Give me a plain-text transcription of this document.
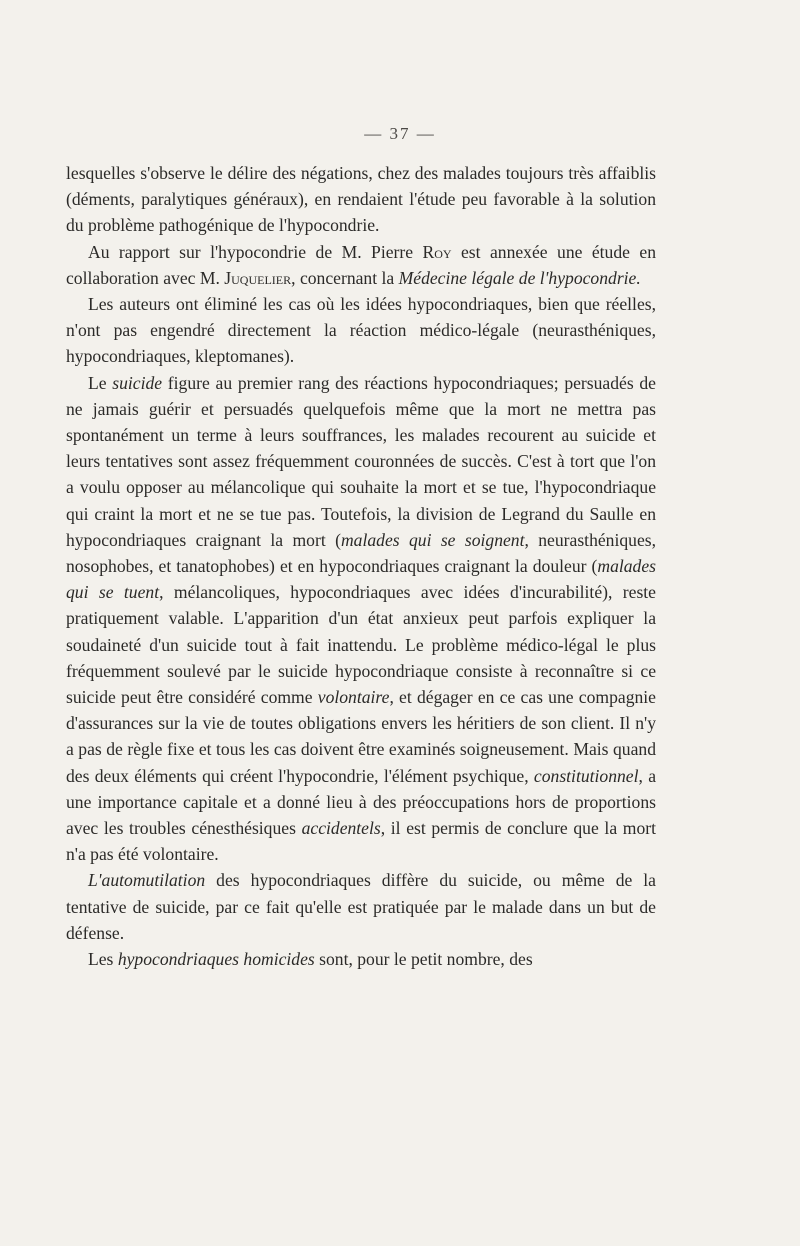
— 37 —

lesquelles s'observe le délire des négations, chez des malades toujours très affaiblis (déments, paralytiques généraux), en rendaient l'étude peu favorable à la solution du problème pathogénique de l'hypocondrie.

Au rapport sur l'hypocondrie de M. Pierre Roy est annexée une étude en collaboration avec M. Juquelier, concernant la Médecine légale de l'hypocondrie.

Les auteurs ont éliminé les cas où les idées hypocondriaques, bien que réelles, n'ont pas engendré directement la réaction médico-légale (neurasthéniques, hypocondriaques, kleptomanes).

Le suicide figure au premier rang des réactions hypocondriaques; persuadés de ne jamais guérir et persuadés quelquefois même que la mort ne mettra pas spontanément un terme à leurs souffrances, les malades recourent au suicide et leurs tentatives sont assez fréquemment couronnées de succès. C'est à tort que l'on a voulu opposer au mélancolique qui souhaite la mort et se tue, l'hypocondriaque qui craint la mort et ne se tue pas. Toutefois, la division de Legrand du Saulle en hypocondriaques craignant la mort (malades qui se soignent, neurasthéniques, nosophobes, et tanatophobes) et en hypocondriaques craignant la douleur (malades qui se tuent, mélancoliques, hypocondriaques avec idées d'incurabilité), reste pratiquement valable. L'apparition d'un état anxieux peut parfois expliquer la soudaineté d'un suicide tout à fait inattendu. Le problème médico-légal le plus fréquemment soulevé par le suicide hypocondriaque consiste à reconnaître si ce suicide peut être considéré comme volontaire, et dégager en ce cas une compagnie d'assurances sur la vie de toutes obligations envers les héritiers de son client. Il n'y a pas de règle fixe et tous les cas doivent être examinés soigneusement. Mais quand des deux éléments qui créent l'hypocondrie, l'élément psychique, constitutionnel, a une importance capitale et a donné lieu à des préoccupations hors de proportions avec les troubles cénesthésiques accidentels, il est permis de conclure que la mort n'a pas été volontaire.

L'automutilation des hypocondriaques diffère du suicide, ou même de la tentative de suicide, par ce fait qu'elle est pratiquée par le malade dans un but de défense.

Les hypocondriaques homicides sont, pour le petit nombre, des
